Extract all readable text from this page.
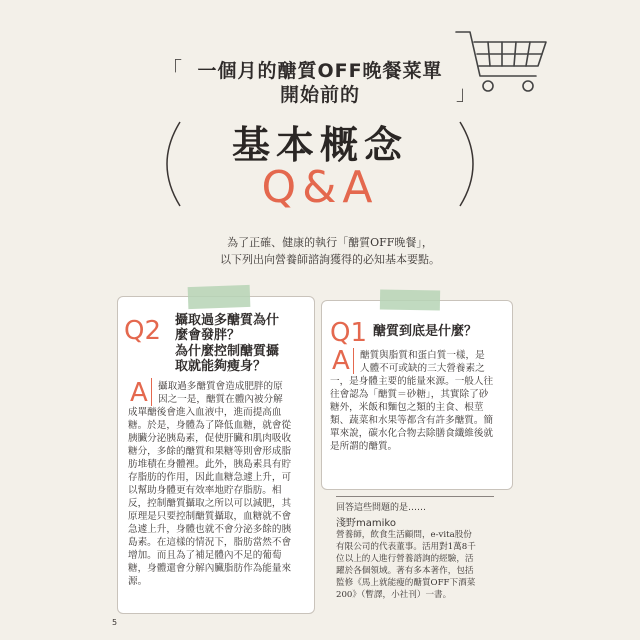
「 一個月的醣質OFF晚餐菜單
開始前的	」
基本概念
Q&A
為了正確、健康的執行「醣質OFF晚餐」，
以下列出向營養師諮詢獲得的必知基本要點。
Q2 攝取過多醣質為什
麼會發胖？
為什麼控制醣質攝
取就能夠瘦身？
A 攝取過多醣質會造成肥胖的原
因之一是，醣質在體內被分解
成單醣後會進入血液中，進而提高血
糖。於是，身體為了降低血糖，就會從
胰臟分泌胰島素，促使肝臟和肌肉吸收
糖分，多餘的醣質和果糖等則會形成脂
肪堆積在身體裡。此外，胰島素具有貯
存脂肪的作用，因此血糖急遽上升，可
以幫助身體更有效率地貯存脂肪。相
反，控制醣質攝取之所以可以減肥，其
原理是只要控制醣質攝取，血糖就不會
急遽上升，身體也就不會分泌多餘的胰
島素。在這樣的情況下，脂肪當然不會
增加。而且為了補足體內不足的葡萄
糖，身體還會分解內臟脂肪作為能量來
源。
Q1 醣質到底是什麼？
A 醣質與脂質和蛋白質一樣，是
人體不可或缺的三大營養素之
一，是身體主要的能量來源。一般人往
往會認為「醣質＝砂糖」，其實除了砂
糖外，米飯和麵包之類的主食、根莖
類、蔬菜和水果等都含有許多醣質。簡
單來說，碳水化合物去除膳食纖維後就
是所謂的醣質。
回答這些問題的是……
淺野mamiko
營養師，飲食生活顧問，e-vita股份
有限公司的代表董事。活用對1萬8千
位以上的人進行營養諮詢的經驗，活
躍於各個領域。著有多本著作，包括
監修《馬上就能瘦的醣質OFF下酒菜
200》（暫譯，小社刊）一書。
5
